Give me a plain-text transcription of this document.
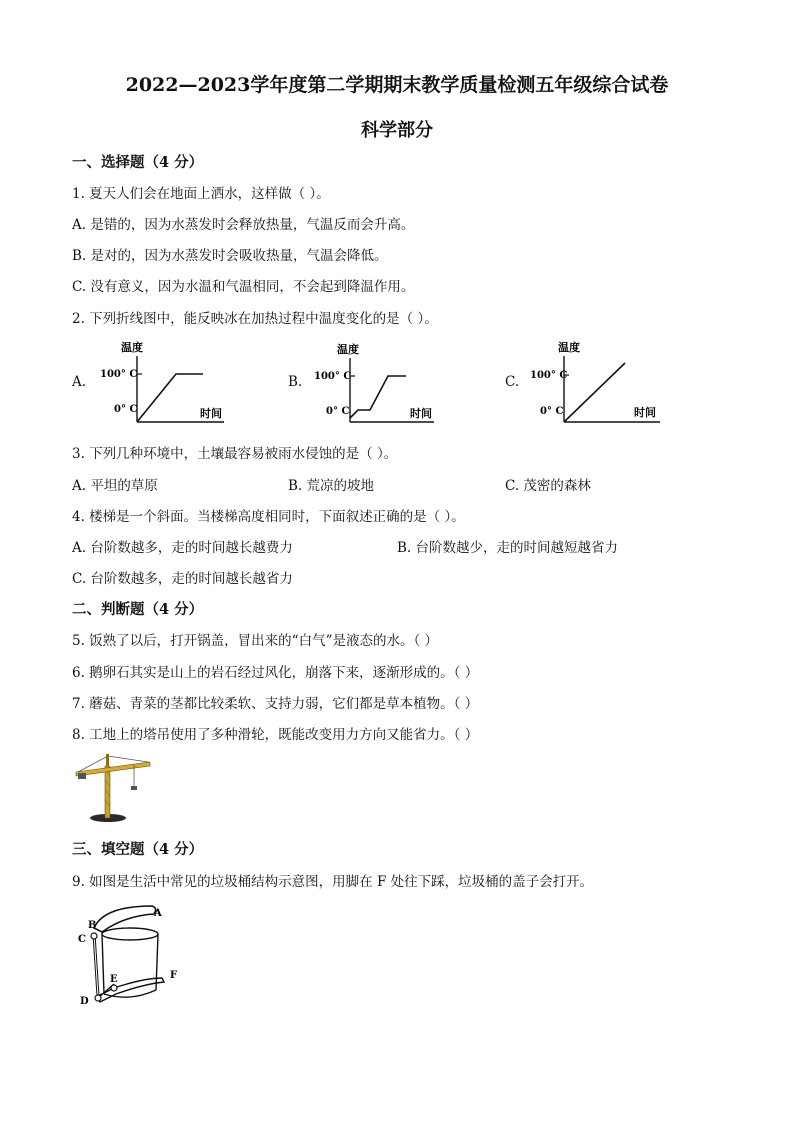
2022—2023学年度第二学期期末教学质量检测五年级综合试卷
科学部分
一、选择题（4 分）
1. 夏天人们会在地面上洒水，这样做（ ）。
A. 是错的，因为水蒸发时会释放热量，气温反而会升高。
B. 是对的，因为水蒸发时会吸收热量，气温会降低。
C. 没有意义，因为水温和气温相同，不会起到降温作用。
2. 下列折线图中，能反映冰在加热过程中温度变化的是（ ）。
A.	B.	C.
温度
100° C
0° C	时间
温度
100° C
0° C	时间
温度
100° C
0° C	时间
3. 下列几种环境中，土壤最容易被雨水侵蚀的是（ ）。
A. 平坦的草原	B. 荒凉的坡地	C. 茂密的森林
4. 楼梯是一个斜面。当楼梯高度相同时，下面叙述正确的是（ ）。
A. 台阶数越多，走的时间越长越费力	B. 台阶数越少，走的时间越短越省力
C. 台阶数越多，走的时间越长越省力
二、判断题（4 分）
5. 饭熟了以后，打开锅盖，冒出来的“白气”是液态的水。（ ）
6. 鹅卵石其实是山上的岩石经过风化，崩落下来，逐渐形成的。（ ）
7. 蘑菇、青菜的茎都比较柔软、支持力弱，它们都是草本植物。（ ）
8. 工地上的塔吊使用了多种滑轮，既能改变用力方向又能省力。（ ）
三、填空题（4 分）
9. 如图是生活中常见的垃圾桶结构示意图，用脚在 F 处往下踩，垃圾桶的盖子会打开。
A
B
C
D
E	F
